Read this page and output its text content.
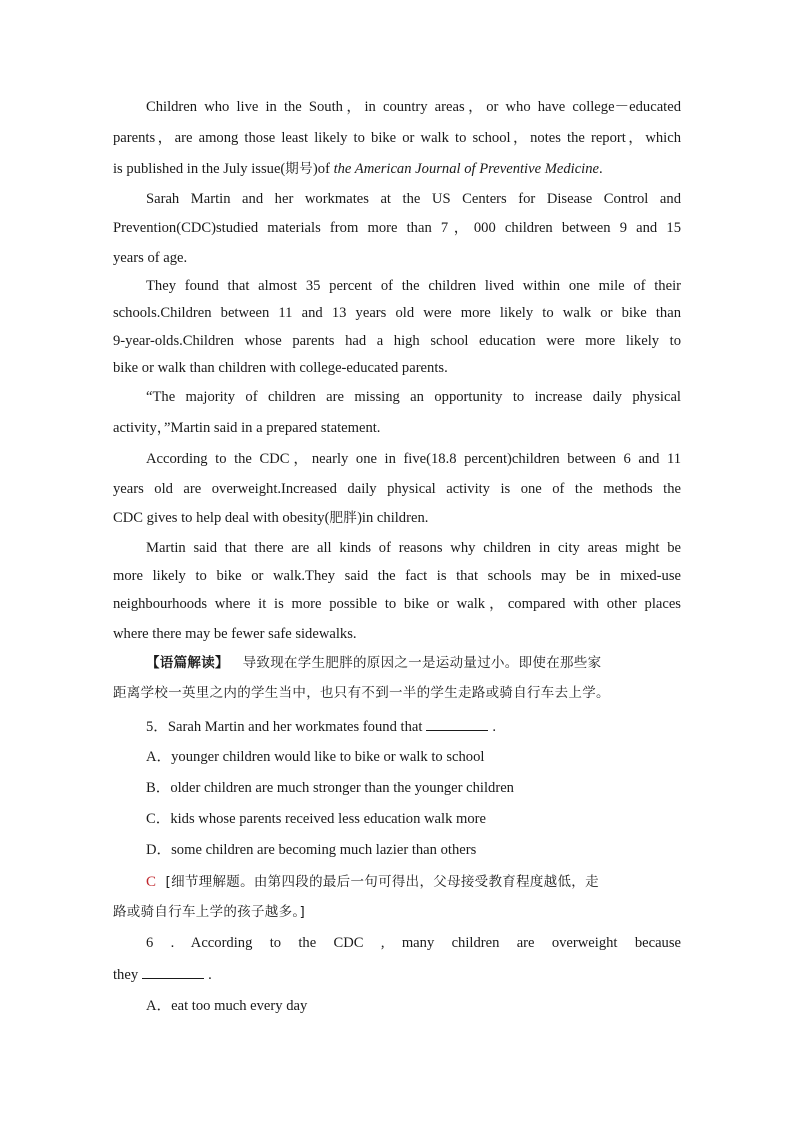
Children who live in the South，in country areas，or who have college－educated

parents，are among those least likely to bike or walk to school，notes the report，which

is published in the July issue(期号)of the American Journal of Preventive Medicine.

Sarah Martin and her workmates at the US Centers for Disease Control and

Prevention(CDC)studied materials from more than 7，000 children between 9 and 15

years of age.

They found that almost 35 percent of the children lived within one mile of their

schools.Children between 11 and 13 years old were more likely to walk or bike than

9-year-olds.Children whose parents had a high school education were more likely to

bike or walk than children with college-educated parents.

“The majority of children are missing an opportunity to increase daily physical

activity，”Martin said in a prepared statement.

According to the CDC，nearly one in five(18.8 percent)children between 6 and 11

years old are overweight.Increased daily physical activity is one of the methods the

CDC gives to help deal with obesity(肥胖)in children.

Martin said that there are all kinds of reasons why children in city areas might be

more likely to bike or walk.They said the fact is that schools may be in mixed-use

neighbourhoods where it is more possible to bike or walk，compared with other places

where there may be fewer safe sidewalks.

【语篇解读】 导致现在学生肥胖的原因之一是运动量过小。即使在那些家

距离学校一英里之内的学生当中，也只有不到一半的学生走路或骑自行车去上学。

5．Sarah Martin and her workmates found that	.

A．younger children would like to bike or walk to school

B．older children are much stronger than the younger children

C．kids whose parents received less education walk more

D．some children are becoming much lazier than others

C [细节理解题。由第四段的最后一句可得出，父母接受教育程度越低，走

路或骑自行车上学的孩子越多。]

6 . According to the CDC , many children are overweight because

they	.

A．eat too much every day
